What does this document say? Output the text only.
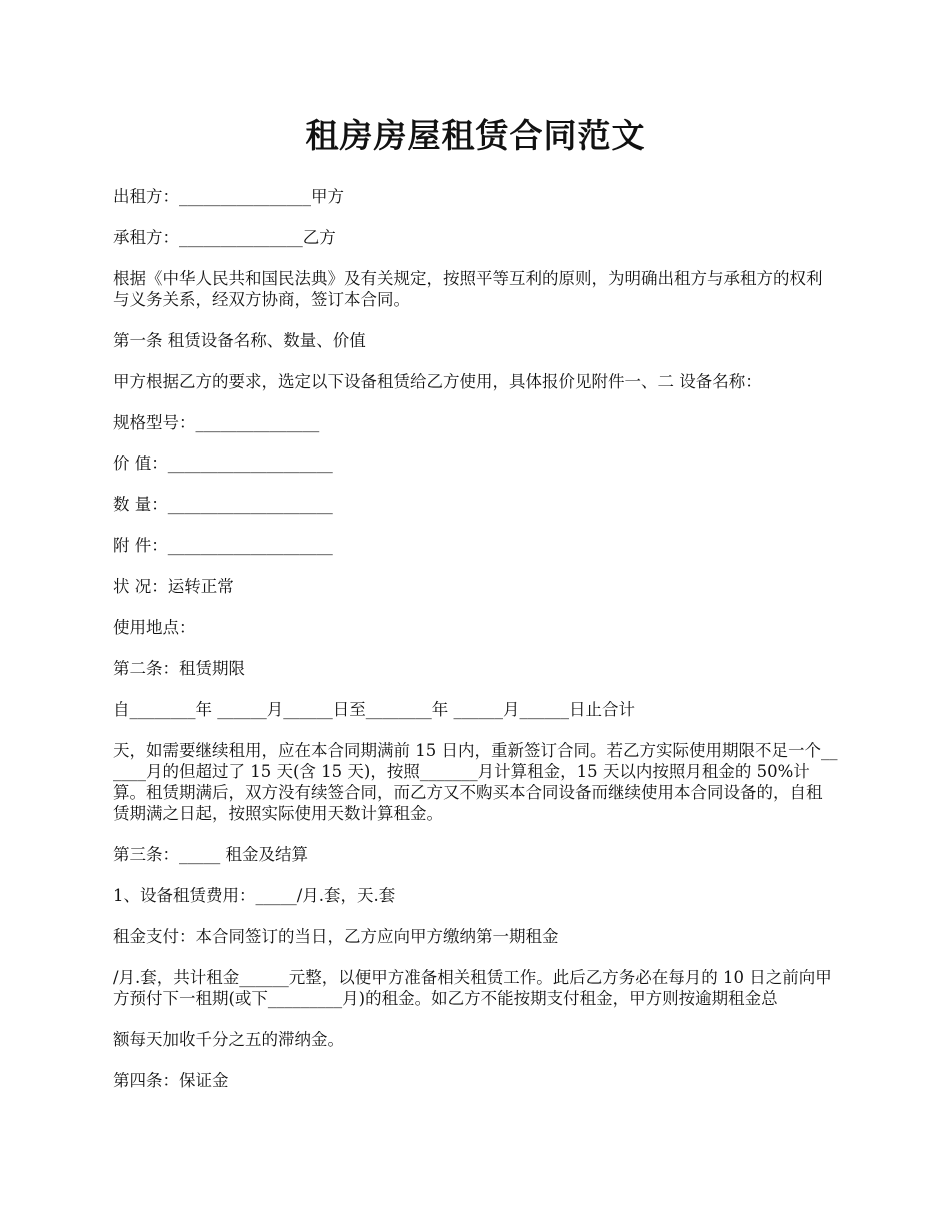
租房房屋租赁合同范文

出租方：________________甲方

承租方：_______________乙方

根据《中华人民共和国民法典》及有关规定，按照平等互利的原则，为明确出租方与承租方的权利与义务关系，经双方协商，签订本合同。

第一条 租赁设备名称、数量、价值

甲方根据乙方的要求，选定以下设备租赁给乙方使用，具体报价见附件一、二 设备名称：

规格型号：_______________

价 值：____________________

数 量：____________________

附 件：____________________

状 况：运转正常

使用地点：

第二条：租赁期限

自________年 ______月______日至________年 ______月______日止合计

天，如需要继续租用，应在本合同期满前 15 日内，重新签订合同。若乙方实际使用期限不足一个______月的但超过了 15 天(含 15 天)，按照_______月计算租金，15 天以内按照月租金的 50%计算。租赁期满后，双方没有续签合同，而乙方又不购买本合同设备而继续使用本合同设备的，自租赁期满之日起，按照实际使用天数计算租金。

第三条：_____ 租金及结算

1、设备租赁费用：_____/月.套，天.套

租金支付：本合同签订的当日，乙方应向甲方缴纳第一期租金

/月.套，共计租金______元整，以便甲方准备相关租赁工作。此后乙方务必在每月的 10 日之前向甲方预付下一租期(或下_________月)的租金。如乙方不能按期支付租金，甲方则按逾期租金总

额每天加收千分之五的滞纳金。

第四条：保证金
